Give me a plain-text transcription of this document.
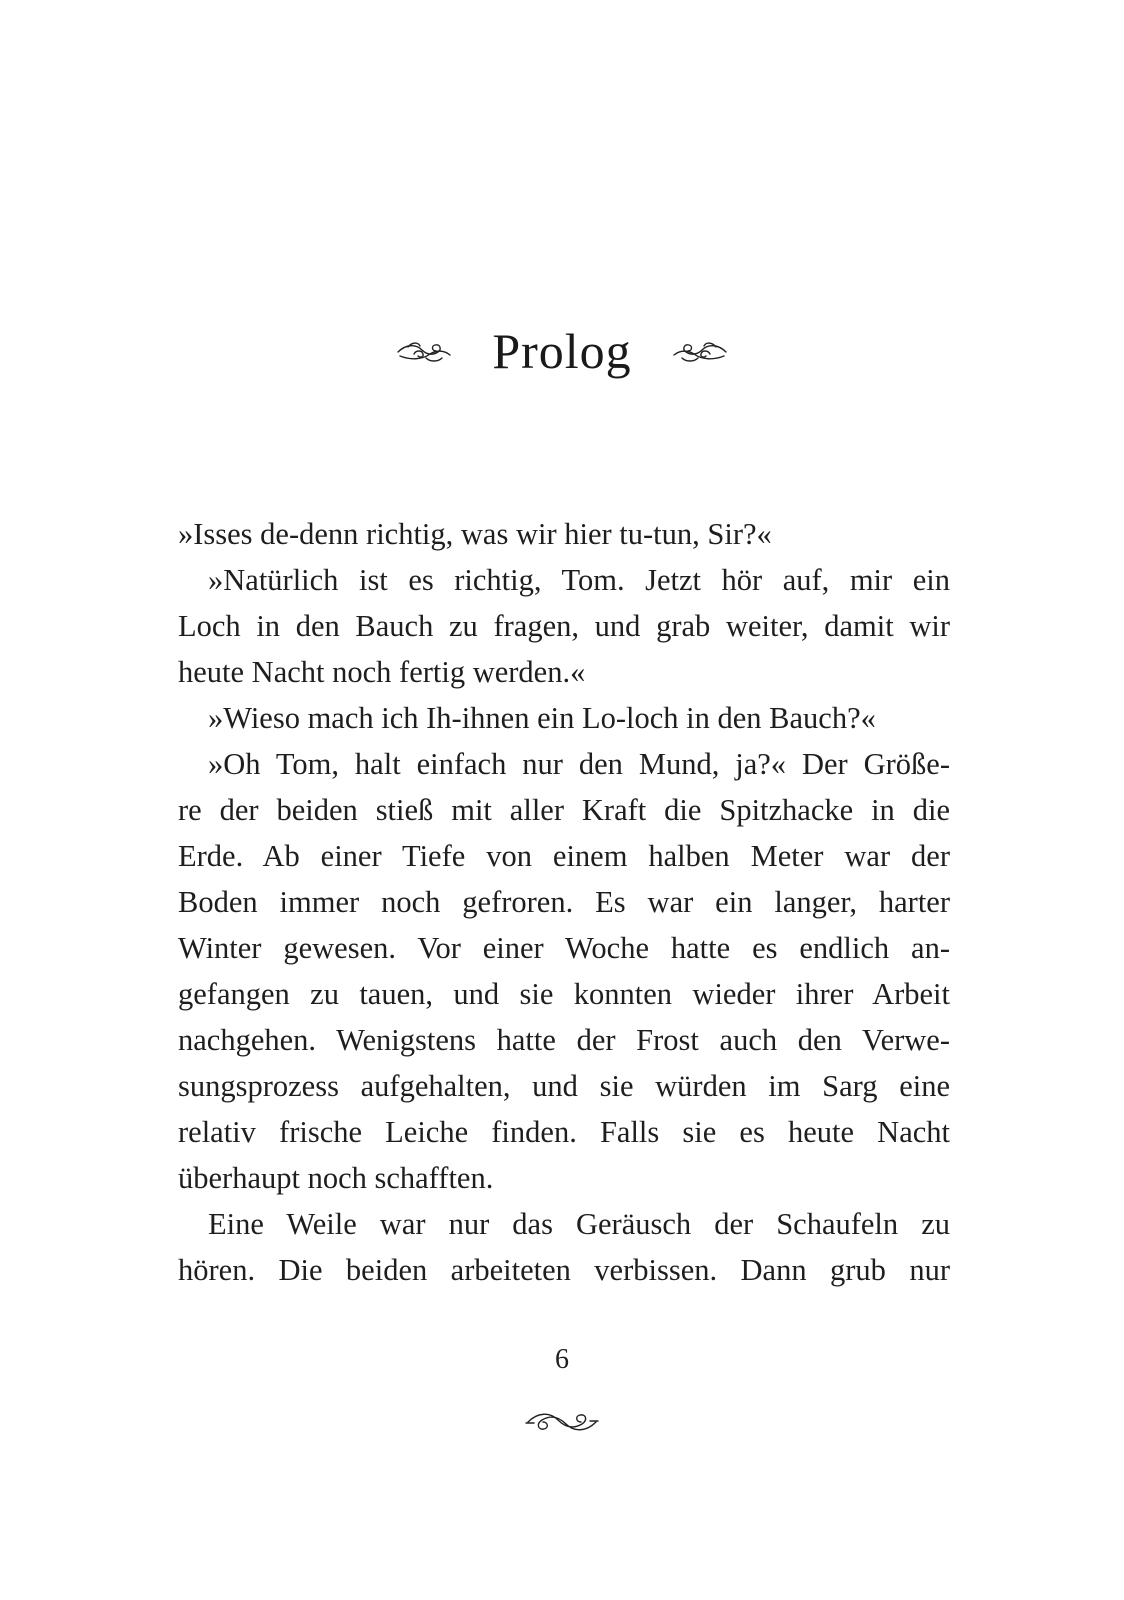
Prolog

»Isses de-denn richtig, was wir hier tu-tun, Sir?«

»Natürlich ist es richtig, Tom. Jetzt hör auf, mir ein

Loch in den Bauch zu fragen, und grab weiter, damit wir

heute Nacht noch fertig werden.«

»Wieso mach ich Ih-ihnen ein Lo-loch in den Bauch?«

»Oh Tom, halt einfach nur den Mund, ja?« Der Größe-

re der beiden stieß mit aller Kraft die Spitzhacke in die

Erde. Ab einer Tiefe von einem halben Meter war der

Boden immer noch gefroren. Es war ein langer, harter

Winter gewesen. Vor einer Woche hatte es endlich an-

gefangen zu tauen, und sie konnten wieder ihrer Arbeit

nachgehen. Wenigstens hatte der Frost auch den Verwe-

sungsprozess aufgehalten, und sie würden im Sarg eine

relativ frische Leiche finden. Falls sie es heute Nacht

überhaupt noch schafften.

Eine Weile war nur das Geräusch der Schaufeln zu

hören. Die beiden arbeiteten verbissen. Dann grub nur

6
